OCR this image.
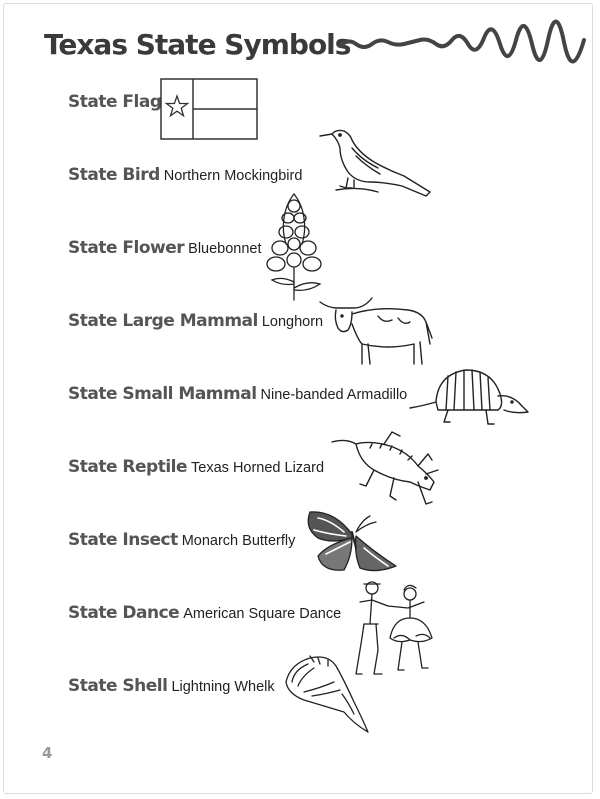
Texas State Symbols
State Flag
State Bird Northern Mockingbird
State Flower Bluebonnet
State Large Mammal Longhorn
State Small Mammal Nine-banded Armadillo
State Reptile Texas Horned Lizard
State Insect Monarch Butterfly
State Dance American Square Dance
State Shell Lightning Whelk
4
